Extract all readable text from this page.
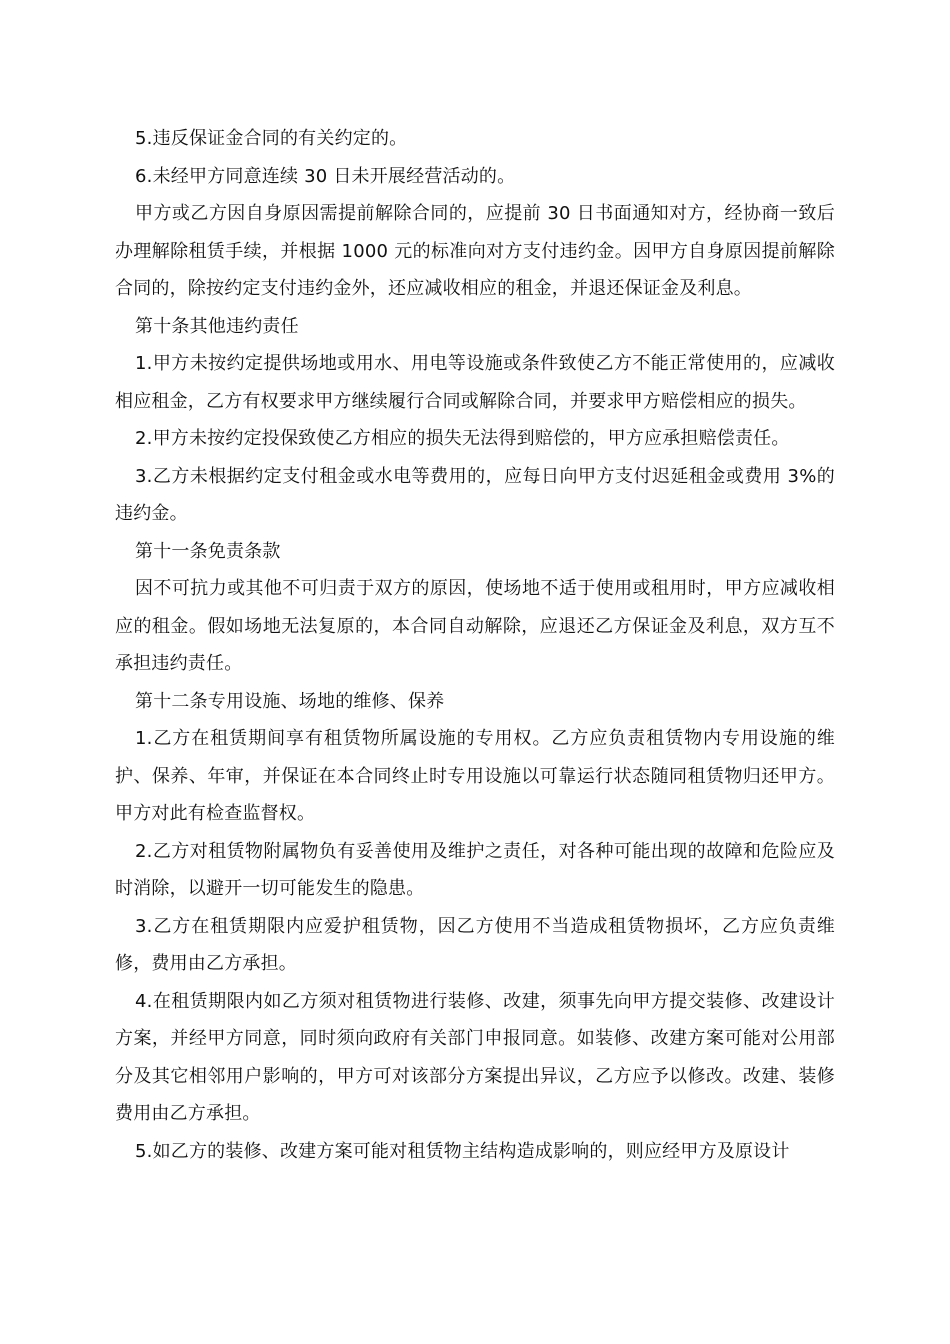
5.违反保证金合同的有关约定的。

6.未经甲方同意连续 30 日未开展经营活动的。

甲方或乙方因自身原因需提前解除合同的，应提前 30 日书面通知对方，经协商一致后办理解除租赁手续，并根据 1000 元的标准向对方支付违约金。因甲方自身原因提前解除合同的，除按约定支付违约金外，还应减收相应的租金，并退还保证金及利息。

第十条其他违约责任

1.甲方未按约定提供场地或用水、用电等设施或条件致使乙方不能正常使用的，应减收相应租金，乙方有权要求甲方继续履行合同或解除合同，并要求甲方赔偿相应的损失。

2.甲方未按约定投保致使乙方相应的损失无法得到赔偿的，甲方应承担赔偿责任。

3.乙方未根据约定支付租金或水电等费用的，应每日向甲方支付迟延租金或费用 3%的违约金。

第十一条免责条款

因不可抗力或其他不可归责于双方的原因，使场地不适于使用或租用时，甲方应减收相应的租金。假如场地无法复原的，本合同自动解除，应退还乙方保证金及利息，双方互不承担违约责任。

第十二条专用设施、场地的维修、保养

1.乙方在租赁期间享有租赁物所属设施的专用权。乙方应负责租赁物内专用设施的维护、保养、年审，并保证在本合同终止时专用设施以可靠运行状态随同租赁物归还甲方。甲方对此有检查监督权。

2.乙方对租赁物附属物负有妥善使用及维护之责任，对各种可能出现的故障和危险应及时消除，以避开一切可能发生的隐患。

3.乙方在租赁期限内应爱护租赁物，因乙方使用不当造成租赁物损坏，乙方应负责维修，费用由乙方承担。

4.在租赁期限内如乙方须对租赁物进行装修、改建，须事先向甲方提交装修、改建设计方案，并经甲方同意，同时须向政府有关部门申报同意。如装修、改建方案可能对公用部分及其它相邻用户影响的，甲方可对该部分方案提出异议，乙方应予以修改。改建、装修费用由乙方承担。

5.如乙方的装修、改建方案可能对租赁物主结构造成影响的，则应经甲方及原设计
